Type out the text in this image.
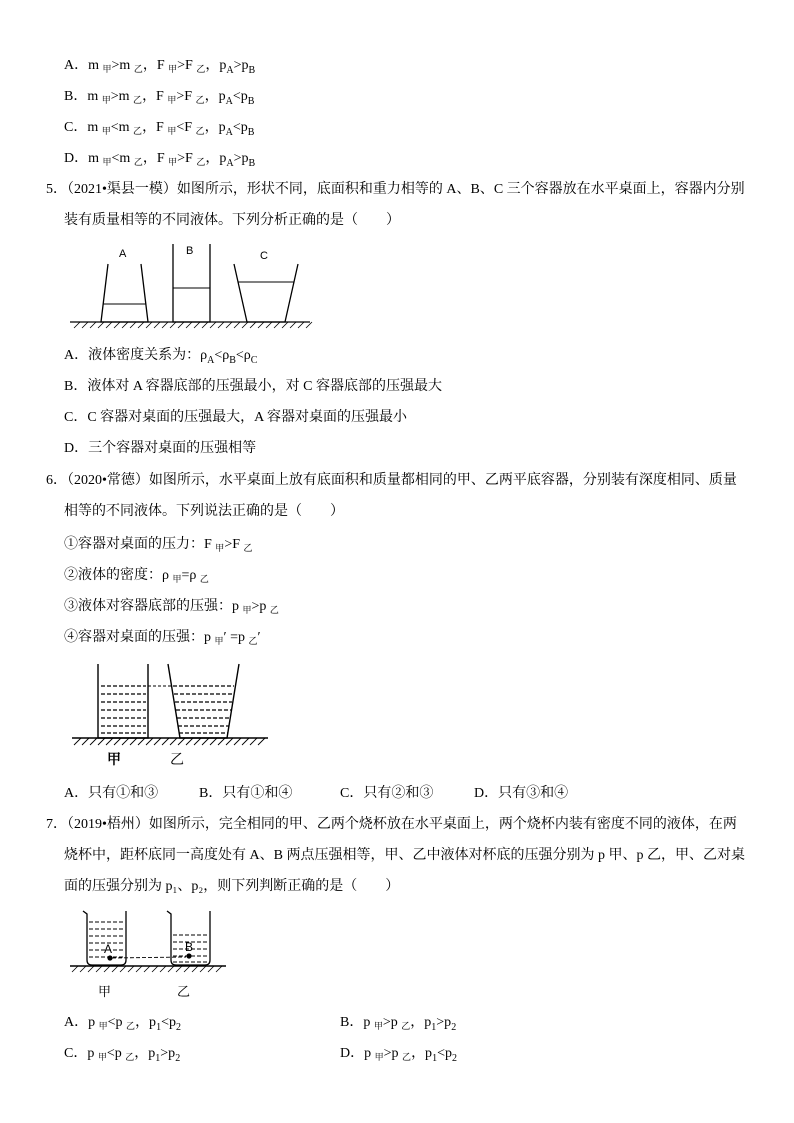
A．m $_甲$>m $_乙$，F $_甲$>F $_乙$，$p_A>p_B$
B．m $_甲$>m $_乙$，F $_甲$>F $_乙$，$p_A<p_B$
C．m $_甲$<m $_乙$，F $_甲$<F $_乙$，$p_A<p_B$
D．m $_甲$<m $_乙$，F $_甲$>F $_乙$，$p_A>p_B$
5．（2021•渠县一模）如图所示，形状不同，底面积和重力相等的 A、B、C 三个容器放在水平桌面上，容器内分别
装有质量相等的不同液体。下列分析正确的是（　　）
A	B	C
A．液体密度关系为：$\rho_A<\rho_B<\rho_C$
B．液体对 A 容器底部的压强最小，对 C 容器底部的压强最大
C．C 容器对桌面的压强最大，A 容器对桌面的压强最小
D．三个容器对桌面的压强相等
6．（2020•常德）如图所示，水平桌面上放有底面积和质量都相同的甲、乙两平底容器，分别装有深度相同、质量
相等的不同液体。下列说法正确的是（　　）
①容器对桌面的压力：F $_甲$>F $_乙$
②液体的密度：ρ $_甲$=ρ $_乙$
③液体对容器底部的压强：p $_甲$>p $_乙$
④容器对桌面的压强：p $_甲$′ =p $_乙$′
甲	乙
A．只有①和③	B．只有①和④	C．只有②和③	D．只有③和④
7．（2019•梧州）如图所示，完全相同的甲、乙两个烧杯放在水平桌面上，两个烧杯内装有密度不同的液体，在两
烧杯中，距杯底同一高度处有 A、B 两点压强相等，甲、乙中液体对杯底的压强分别为 p 甲、p 乙，甲、乙对桌
面的压强分别为 p₁、p₂，则下列判断正确的是（　　）
A	B
甲	乙
A．p $_甲$<p $_乙$，$p_1<p_2$	B．p $_甲$>p $_乙$，$p_1>p_2$
C．p $_甲$<p $_乙$，$p_1>p_2$	D．p $_甲$>p $_乙$，$p_1<p_2$
